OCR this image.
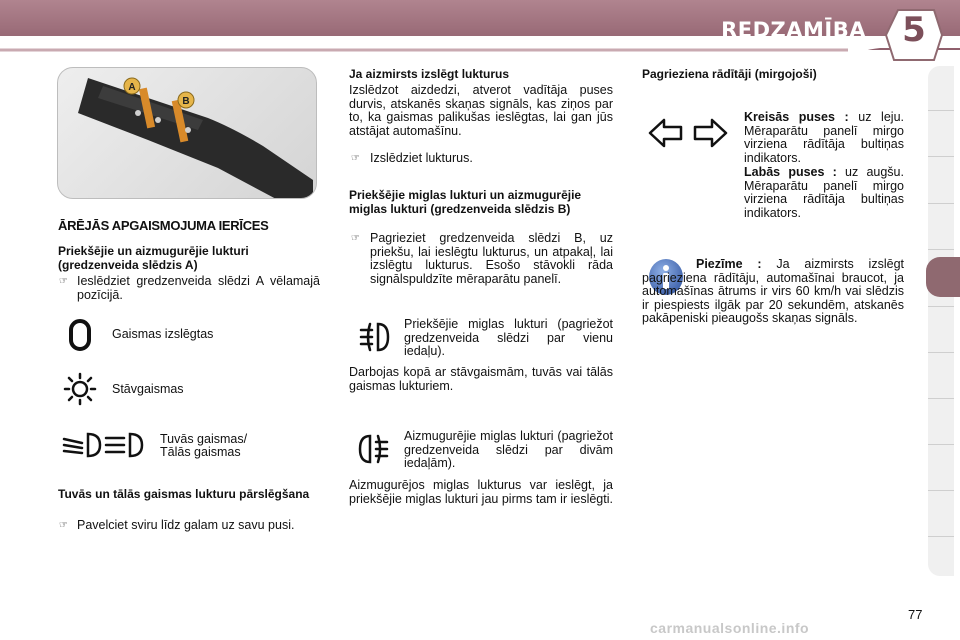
REDZAMĪBA	5
A
B
ĀRĒJĀS APGAISMOJUMA IERĪCES
Priekšējie un aizmugurējie lukturi (gredzenveida slēdzis A)
☞ Ieslēdziet gredzenveida slēdzi A vēlamajā pozīcijā.
Gaismas izslēgtas
Stāvgaismas
Tuvās gaismas/
Tālās gaismas
Tuvās un tālās gaismas lukturu pārslēgšana
☞ Pavelciet sviru līdz galam uz savu pusi.
Ja aizmirsts izslēgt lukturus
Izslēdzot aizdedzi, atverot vadītāja puses durvis, atskanēs skaņas signāls, kas ziņos par to, ka gaismas palikušas ieslēgtas, lai gan jūs atstājat automašīnu.
☞ Izslēdziet lukturus.
Priekšējie miglas lukturi un aizmugurējie miglas lukturi (gredzenveida slēdzis B)
☞ Pagrieziet gredzenveida slēdzi B, uz priekšu, lai ieslēgtu lukturus, un atpakaļ, lai izslēgtu lukturus. Esošo stāvokli rāda signālspuldzīte mēraparātu panelī.
Priekšējie miglas lukturi (pagriežot gredzenveida slēdzi par vienu iedaļu).
Darbojas kopā ar stāvgaismām, tuvās vai tālās gaismas lukturiem.
Aizmugurējie miglas lukturi (pagriežot gredzenveida slēdzi par divām iedaļām).
Aizmugurējos miglas lukturus var ieslēgt, ja priekšējie miglas lukturi jau pirms tam ir ieslēgti.
Pagrieziena rādītāji (mirgojoši)
Kreisās puses : uz leju. Mēraparātu panelī mirgo virziena rādītāja bultiņas indikators.
Labās puses : uz augšu. Mēraparātu panelī mirgo virziena rādītāja bultiņas indikators.
Piezīme : Ja aizmirsts izslēgt pagrieziena rādītāju, automašīnai braucot, ja automašīnas ātrums ir virs 60 km/h vai slēdzis ir piespiests ilgāk par 20 sekundēm, atskanēs pakāpeniski pieaugošs skaņas signāls.
77
carmanualsonline.info
